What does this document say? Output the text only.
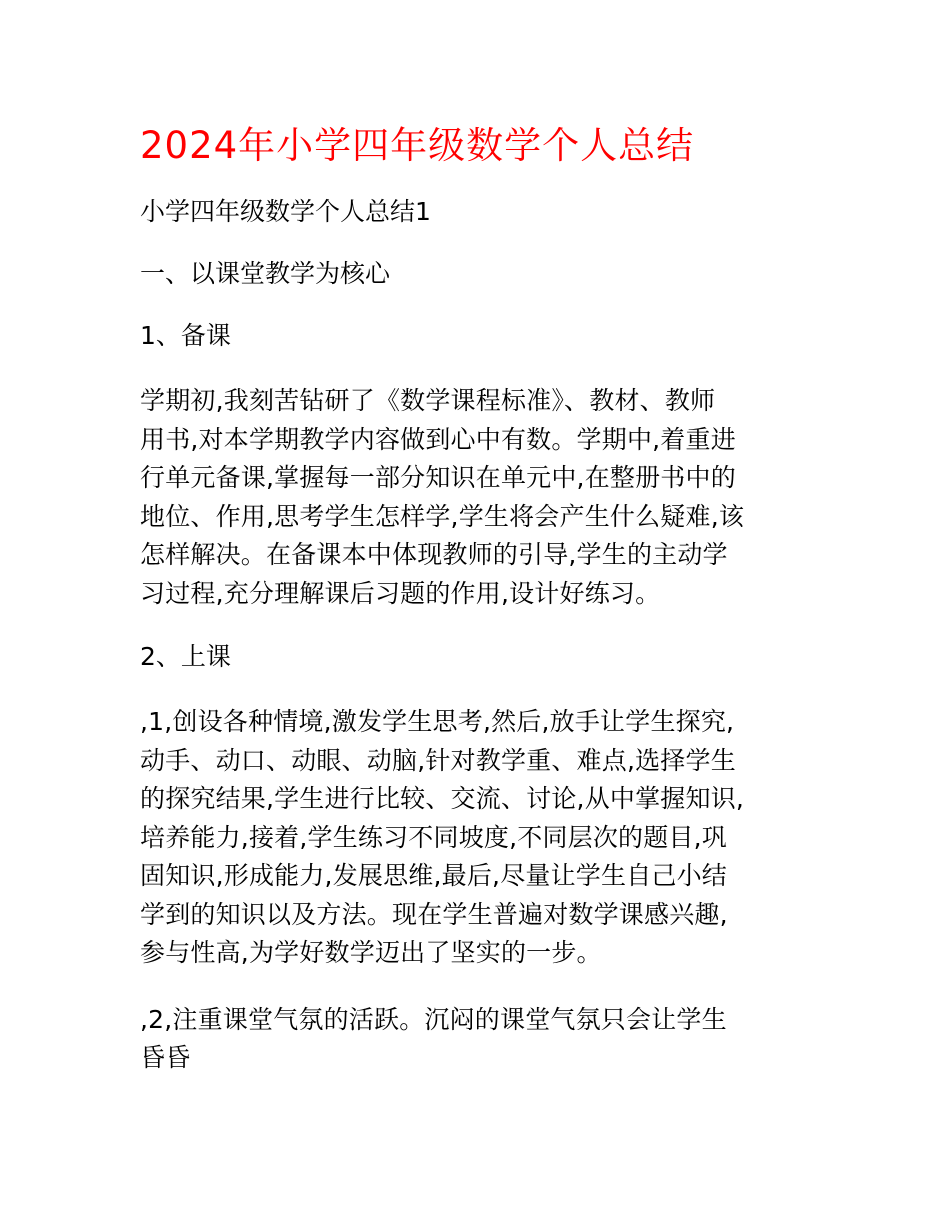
2024年小学四年级数学个人总结

小学四年级数学个人总结1

一、以课堂教学为核心

1、备课

学期初,我刻苦钻研了《数学课程标准》、教材、教师
用书,对本学期教学内容做到心中有数。学期中,着重进
行单元备课,掌握每一部分知识在单元中,在整册书中的
地位、作用,思考学生怎样学,学生将会产生什么疑难,该
怎样解决。在备课本中体现教师的引导,学生的主动学
习过程,充分理解课后习题的作用,设计好练习。

2、上课

,1,创设各种情境,激发学生思考,然后,放手让学生探究,
动手、动口、动眼、动脑,针对教学重、难点,选择学生
的探究结果,学生进行比较、交流、讨论,从中掌握知识,
培养能力,接着,学生练习不同坡度,不同层次的题目,巩
固知识,形成能力,发展思维,最后,尽量让学生自己小结
学到的知识以及方法。现在学生普遍对数学课感兴趣,
参与性高,为学好数学迈出了坚实的一步。
,2,注重课堂气氛的活跃。沉闷的课堂气氛只会让学生
昏昏
